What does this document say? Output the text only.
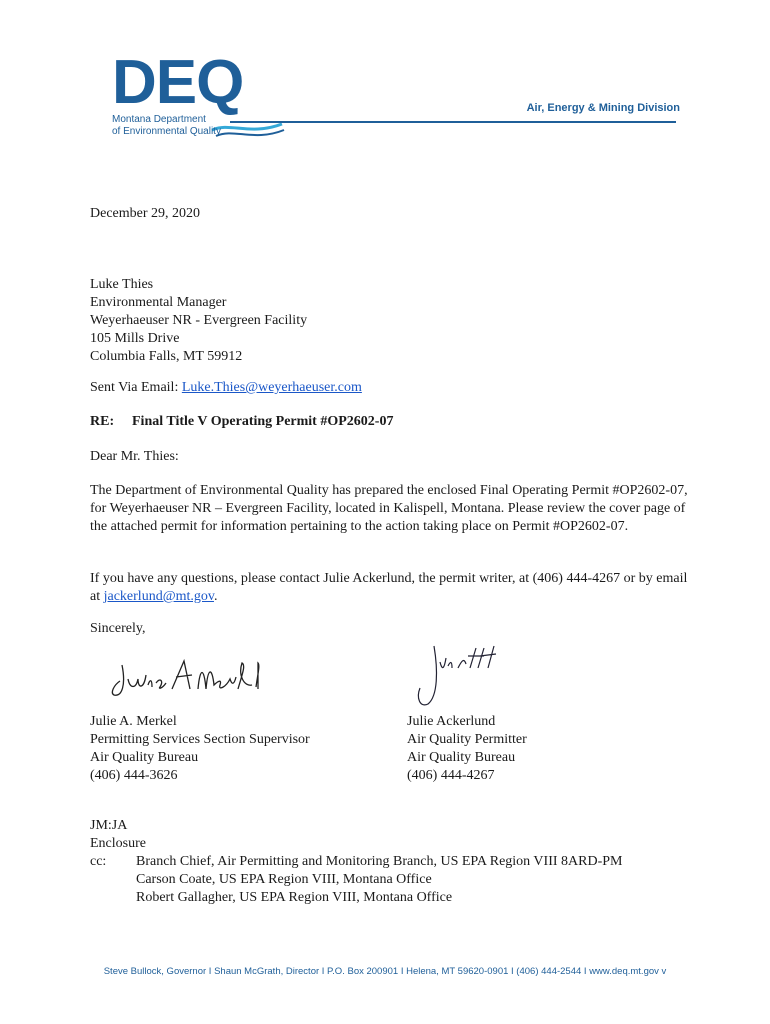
DEQ
Montana Department
of Environmental Quality
Air, Energy & Mining Division
December 29, 2020
Luke Thies
Environmental Manager
Weyerhaeuser NR - Evergreen Facility
105 Mills Drive
Columbia Falls, MT 59912
Sent Via Email: Luke.Thies@weyerhaeuser.com
RE: Final Title V Operating Permit #OP2602-07
Dear Mr. Thies:
The Department of Environmental Quality has prepared the enclosed Final Operating Permit #OP2602-07, for Weyerhaeuser NR – Evergreen Facility, located in Kalispell, Montana. Please review the cover page of the attached permit for information pertaining to the action taking place on Permit #OP2602-07.
If you have any questions, please contact Julie Ackerlund, the permit writer, at (406) 444-4267 or by email at jackerlund@mt.gov.
Sincerely,
Julie A. Merkel
Permitting Services Section Supervisor
Air Quality Bureau
(406) 444-3626
Julie Ackerlund
Air Quality Permitter
Air Quality Bureau
(406) 444-4267
JM:JA
Enclosure
cc: Branch Chief, Air Permitting and Monitoring Branch, US EPA Region VIII 8ARD-PM
Carson Coate, US EPA Region VIII, Montana Office
Robert Gallagher, US EPA Region VIII, Montana Office
Steve Bullock, Governor I Shaun McGrath, Director I P.O. Box 200901 I Helena, MT 59620-0901 I (406) 444-2544 I www.deq.mt.gov v
